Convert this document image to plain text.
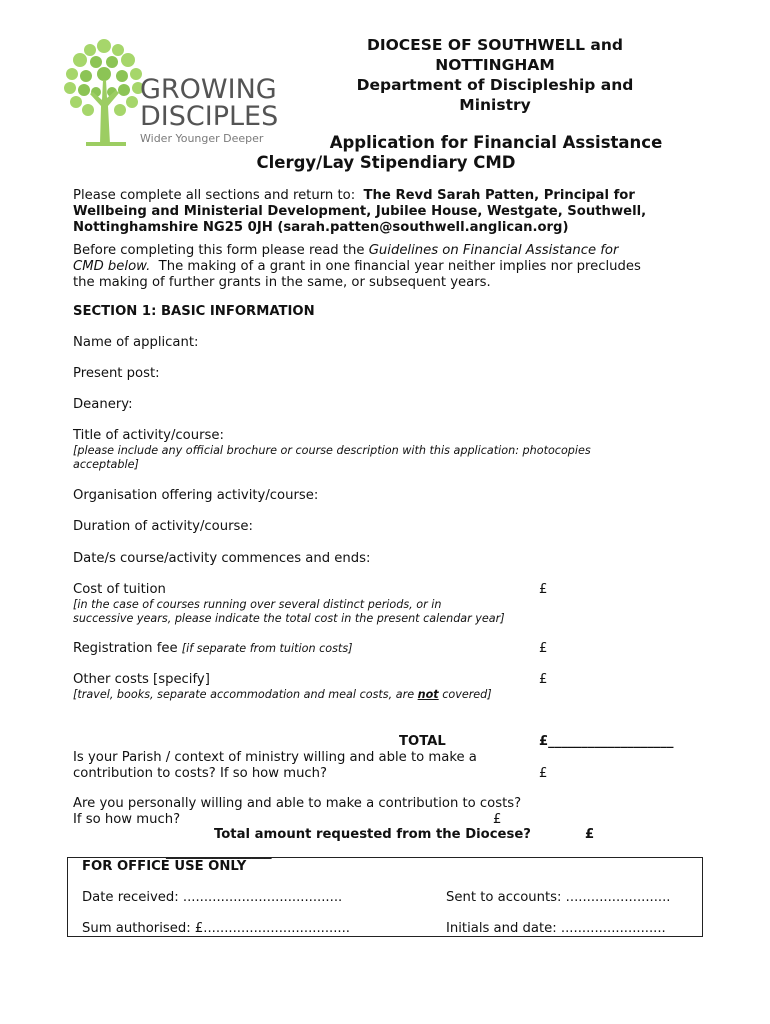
GROWING
DISCIPLES
Wider Younger Deeper
DIOCESE OF SOUTHWELL and
NOTTINGHAM
Department of Discipleship and
Ministry
Application for Financial Assistance
Clergy/Lay Stipendiary CMD
Please complete all sections and return to:  The Revd Sarah Patten, Principal for
Wellbeing and Ministerial Development, Jubilee House, Westgate, Southwell,
Nottinghamshire NG25 0JH (sarah.patten@southwell.anglican.org)
Before completing this form please read the Guidelines on Financial Assistance for
CMD below.  The making of a grant in one financial year neither implies nor precludes
the making of further grants in the same, or subsequent years.
SECTION 1: BASIC INFORMATION
Name of applicant:
Present post:
Deanery:
Title of activity/course:
[please include any official brochure or course description with this application: photocopies
acceptable]
Organisation offering activity/course:
Duration of activity/course:
Date/s course/activity commences and ends:
Cost of tuition	£
[in the case of courses running over several distinct periods, or in
successive years, please indicate the total cost in the present calendar year]
Registration fee [if separate from tuition costs]	£
Other costs [specify]	£
[travel, books, separate accommodation and meal costs, are not covered]
TOTAL	£___________________
Is your Parish / context of ministry willing and able to make a
contribution to costs? If so how much?	£
Are you personally willing and able to make a contribution to costs?
If so how much?	£
Total amount requested from the Diocese?	£
________________
FOR OFFICE USE ONLY
Date received: ......................................	Sent to accounts: .........................
Sum authorised: £...................................	Initials and date: .........................
